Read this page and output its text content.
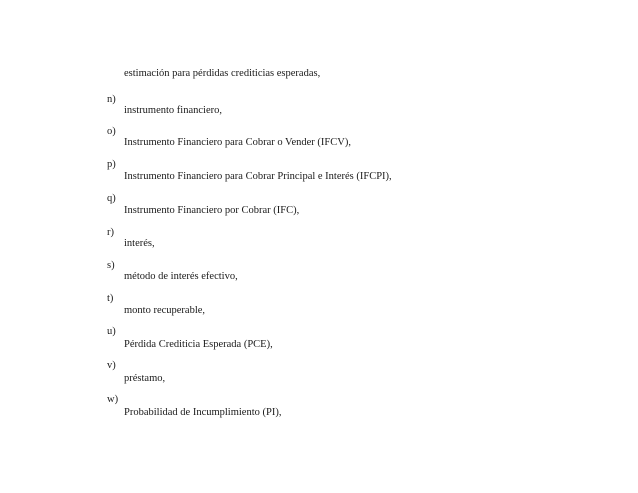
estimación para pérdidas crediticias esperadas,
n)
instrumento financiero,
o)
Instrumento Financiero para Cobrar o Vender (IFCV),
p)
Instrumento Financiero para Cobrar Principal e Interés (IFCPI),
q)
Instrumento Financiero por Cobrar (IFC),
r)
interés,
s)
método de interés efectivo,
t)
monto recuperable,
u)
Pérdida Crediticia Esperada (PCE),
v)
préstamo,
w)
Probabilidad de Incumplimiento (PI),
